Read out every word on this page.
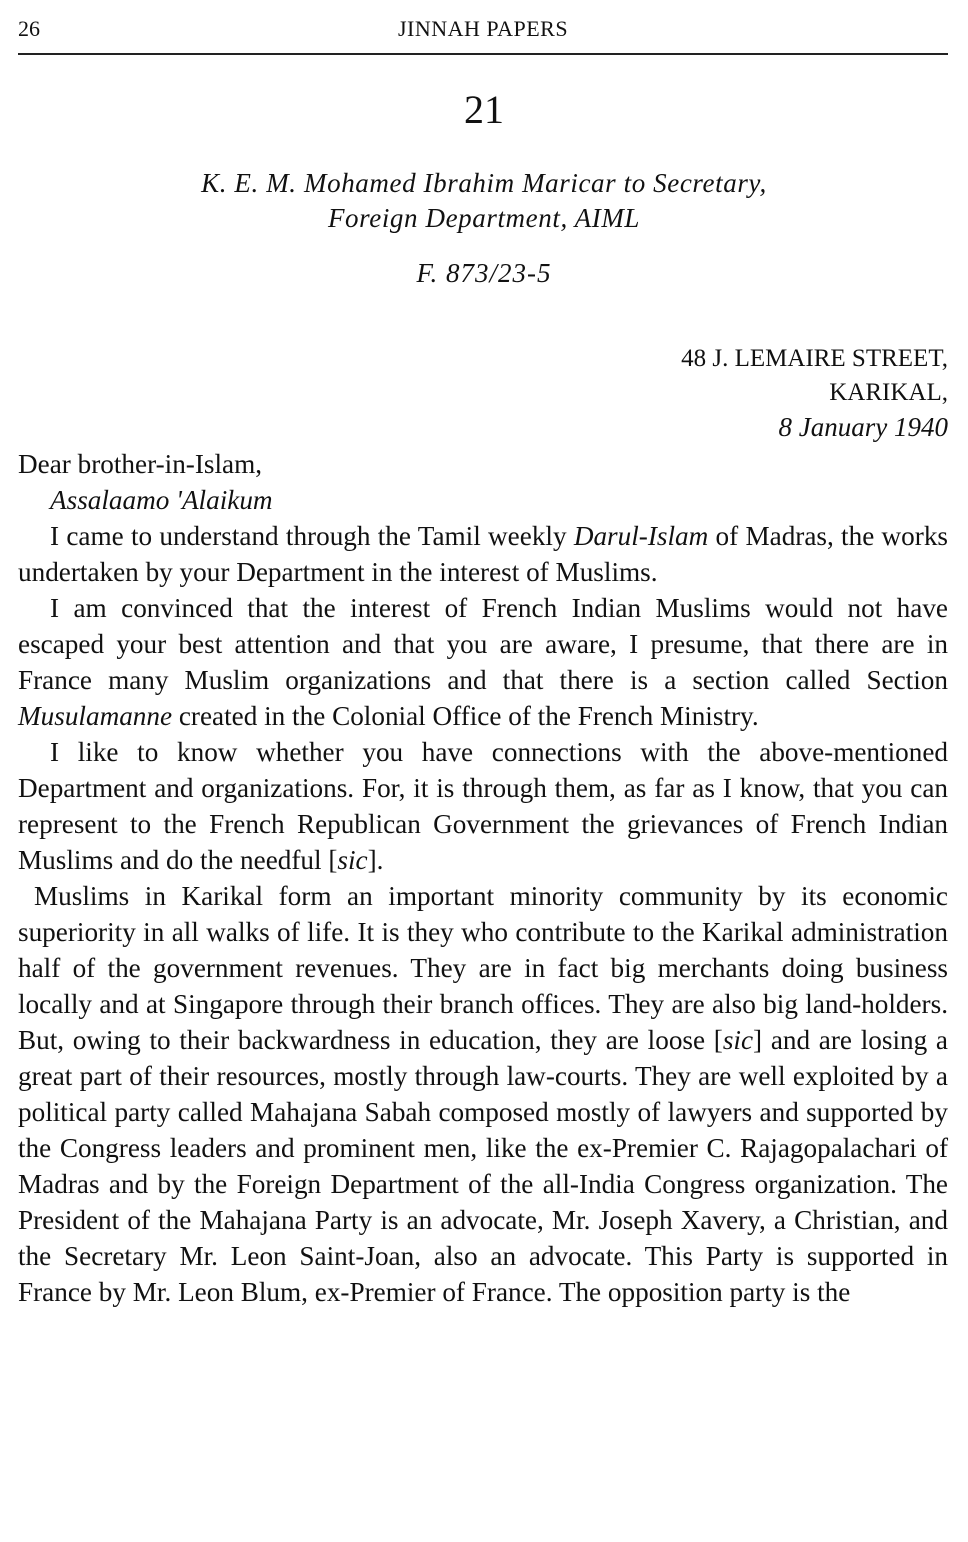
26	JINNAH PAPERS
21
K. E. M. Mohamed Ibrahim Maricar to Secretary,
Foreign Department, AIML
F. 873/23-5
48 J. LEMAIRE STREET,
KARIKAL,
8 January 1940

Dear brother-in-Islam,

Assalaamo 'Alaikum

I came to understand through the Tamil weekly Darul-Islam of Madras, the works undertaken by your Department in the interest of Muslims.

I am convinced that the interest of French Indian Muslims would not have escaped your best attention and that you are aware, I presume, that there are in France many Muslim organizations and that there is a section called Section Musulamanne created in the Colonial Office of the French Ministry.

I like to know whether you have connections with the above-mentioned Department and organizations. For, it is through them, as far as I know, that you can represent to the French Republican Government the grievances of French Indian Muslims and do the needful [sic].

Muslims in Karikal form an important minority community by its economic superiority in all walks of life. It is they who contribute to the Karikal administration half of the government revenues. They are in fact big merchants doing business locally and at Singapore through their branch offices. They are also big land-holders. But, owing to their backwardness in education, they are loose [sic] and are losing a great part of their resources, mostly through law-courts. They are well exploited by a political party called Mahajana Sabah composed mostly of lawyers and supported by the Congress leaders and prominent men, like the ex-Premier C. Rajagopalachari of Madras and by the Foreign Department of the all-India Congress organization. The President of the Mahajana Party is an advocate, Mr. Joseph Xavery, a Christian, and the Secretary Mr. Leon Saint-Joan, also an advocate. This Party is supported in France by Mr. Leon Blum, ex-Premier of France. The opposition party is the
